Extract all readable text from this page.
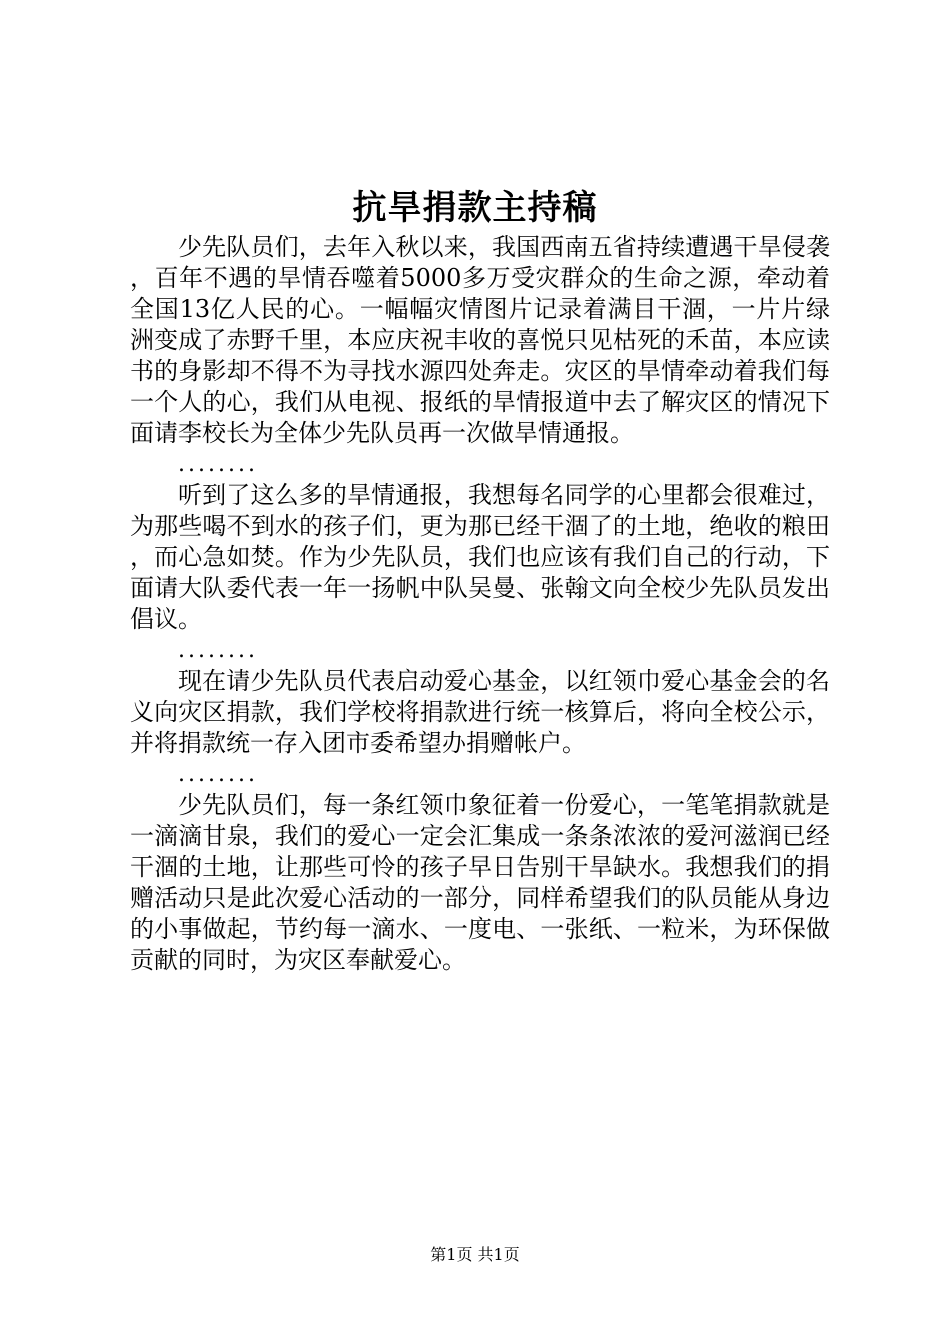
抗旱捐款主持稿

少先队员们，去年入秋以来，我国西南五省持续遭遇干旱侵袭，百年不遇的旱情吞噬着5000多万受灾群众的生命之源，牵动着全国13亿人民的心。一幅幅灾情图片记录着满目干涸，一片片绿洲变成了赤野千里，本应庆祝丰收的喜悦只见枯死的禾苗，本应读书的身影却不得不为寻找水源四处奔走。灾区的旱情牵动着我们每一个人的心，我们从电视、报纸的旱情报道中去了解灾区的情况下面请李校长为全体少先队员再一次做旱情通报。

........

听到了这么多的旱情通报，我想每名同学的心里都会很难过，为那些喝不到水的孩子们，更为那已经干涸了的土地，绝收的粮田，而心急如焚。作为少先队员，我们也应该有我们自己的行动，下面请大队委代表一年一扬帆中队吴曼、张翰文向全校少先队员发出倡议。

........

现在请少先队员代表启动爱心基金，以红领巾爱心基金会的名义向灾区捐款，我们学校将捐款进行统一核算后，将向全校公示，并将捐款统一存入团市委希望办捐赠帐户。

........

少先队员们，每一条红领巾象征着一份爱心，一笔笔捐款就是一滴滴甘泉，我们的爱心一定会汇集成一条条浓浓的爱河滋润已经干涸的土地，让那些可怜的孩子早日告别干旱缺水。我想我们的捐赠活动只是此次爱心活动的一部分，同样希望我们的队员能从身边的小事做起，节约每一滴水、一度电、一张纸、一粒米，为环保做贡献的同时，为灾区奉献爱心。

第1页 共1页
